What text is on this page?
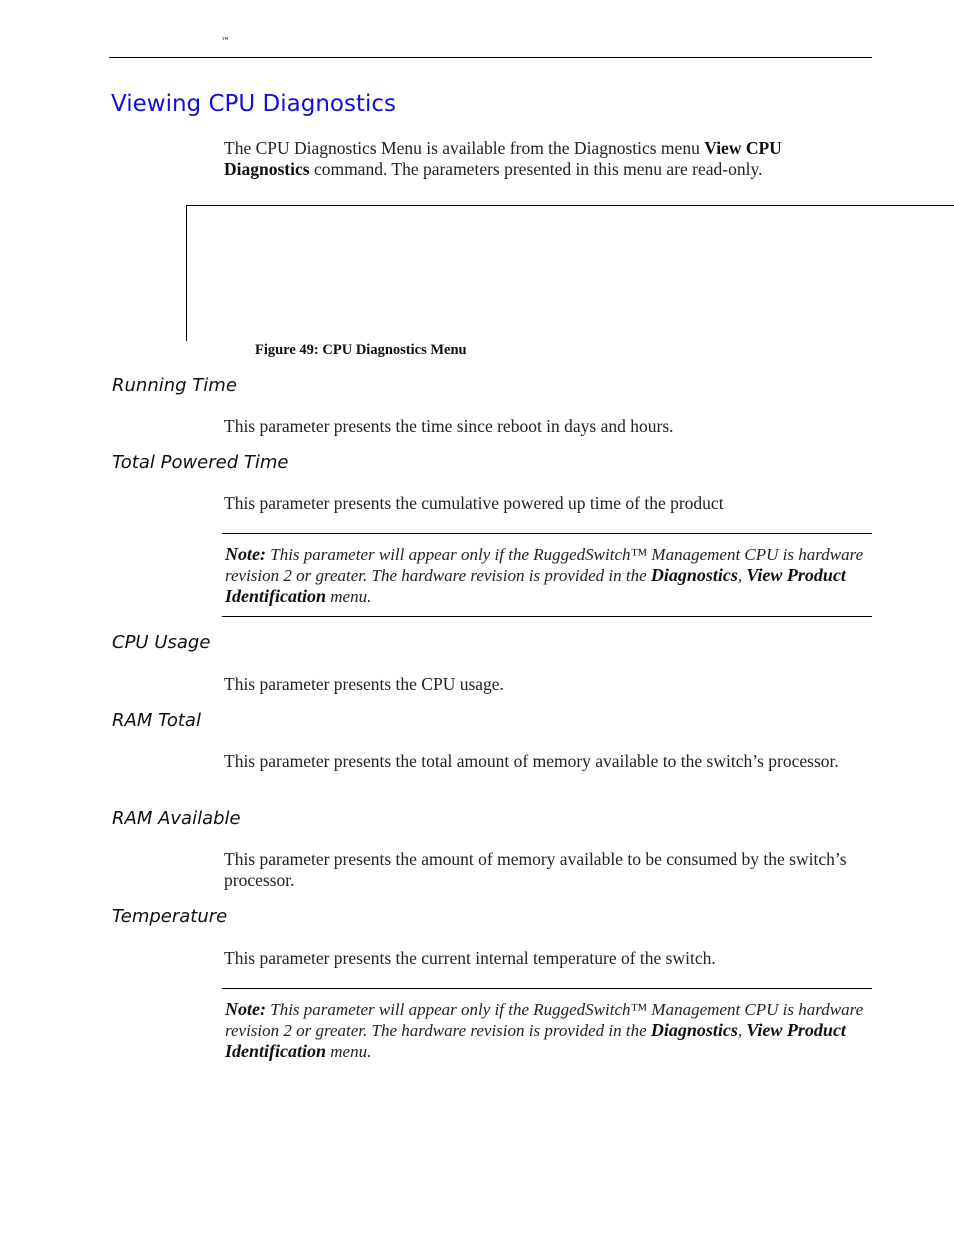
™
Viewing CPU Diagnostics

The CPU Diagnostics Menu is available from the Diagnostics menu View CPU Diagnostics command. The parameters presented in this menu are read-only.

Figure 49: CPU Diagnostics Menu
Running Time

This parameter presents the time since reboot in days and hours.

Total Powered Time

This parameter presents the cumulative powered up time of the product

Note: This parameter will appear only if the RuggedSwitch™ Management CPU is hardware revision 2 or greater. The hardware revision is provided in the Diagnostics, View Product Identification menu.
CPU Usage

This parameter presents the CPU usage.

RAM Total

This parameter presents the total amount of memory available to the switch’s processor.

RAM Available

This parameter presents the amount of memory available to be consumed by the switch’s processor.

Temperature

This parameter presents the current internal temperature of the switch.

Note: This parameter will appear only if the RuggedSwitch™ Management CPU is hardware revision 2 or greater. The hardware revision is provided in the Diagnostics, View Product Identification menu.
